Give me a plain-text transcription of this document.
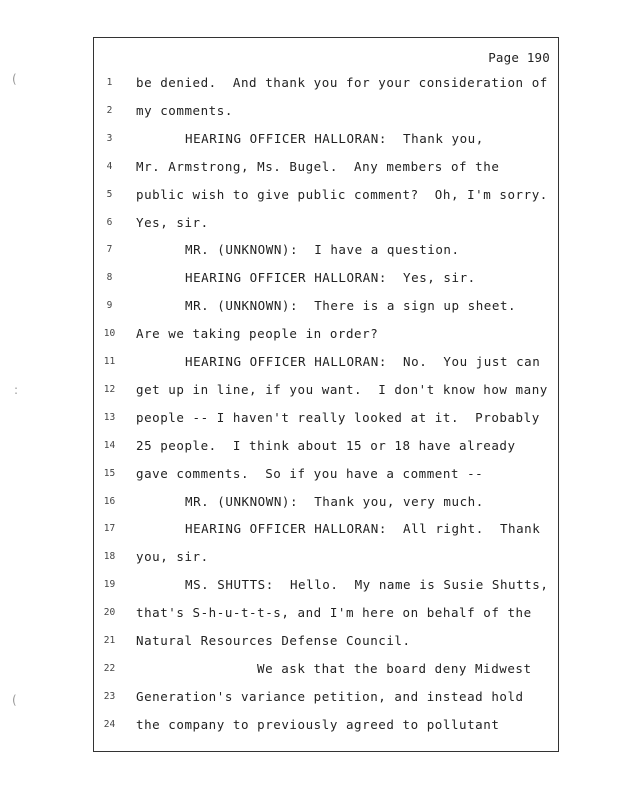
(
:
(
Page 190
1	be denied.  And thank you for your consideration of
2	my comments.
3	HEARING OFFICER HALLORAN:  Thank you,
4	Mr. Armstrong, Ms. Bugel.  Any members of the
5	public wish to give public comment?  Oh, I'm sorry.
6	Yes, sir.
7	MR. (UNKNOWN):  I have a question.
8	HEARING OFFICER HALLORAN:  Yes, sir.
9	MR. (UNKNOWN):  There is a sign up sheet.
10	Are we taking people in order?
11	HEARING OFFICER HALLORAN:  No.  You just can
12	get up in line, if you want.  I don't know how many
13	people -- I haven't really looked at it.  Probably
14	25 people.  I think about 15 or 18 have already
15	gave comments.  So if you have a comment --
16	MR. (UNKNOWN):  Thank you, very much.
17	HEARING OFFICER HALLORAN:  All right.  Thank
18	you, sir.
19	MS. SHUTTS:  Hello.  My name is Susie Shutts,
20	that's S-h-u-t-t-s, and I'm here on behalf of the
21	Natural Resources Defense Council.
22	We ask that the board deny Midwest
23	Generation's variance petition, and instead hold
24	the company to previously agreed to pollutant
